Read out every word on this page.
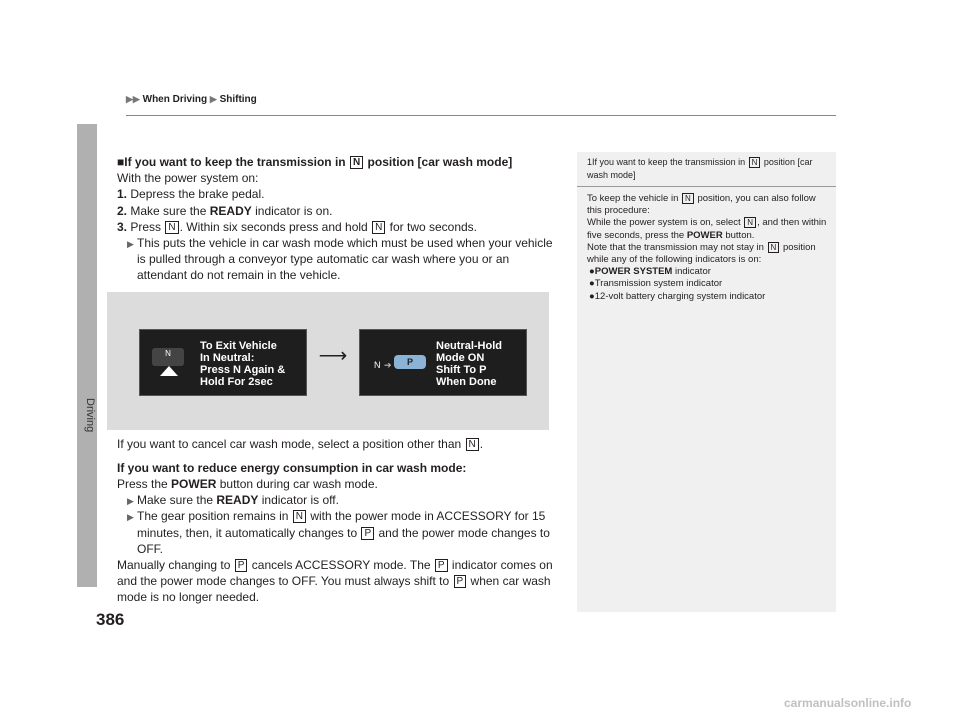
▶▶ When Driving ▶ Shifting
Driving
386

■If you want to keep the transmission in N position [car wash mode]

With the power system on:

1. Depress the brake pedal.

2. Make sure the READY indicator is on.

3. Press N . Within six seconds press and hold N for two seconds.

▶ This puts the vehicle in car wash mode which must be used when your vehicle is pulled through a conveyor type automatic car wash where you or an attendant do not remain in the vehicle.

N
To Exit Vehicle
In Neutral:
Press N Again &
Hold For 2sec
⟶	N ➔	P
Neutral-Hold
Mode ON
Shift To P
When Done

If you want to cancel car wash mode, select a position other than N .

If you want to reduce energy consumption in car wash mode:

Press the POWER button during car wash mode.

▶ Make sure the READY indicator is off.

▶ The gear position remains in N with the power mode in ACCESSORY for 15 minutes, then, it automatically changes to P and the power mode changes to OFF.

Manually changing to P cancels ACCESSORY mode. The P indicator comes on and the power mode changes to OFF. You must always shift to P when car wash mode is no longer needed.

1If you want to keep the transmission in N position [car wash mode]

To keep the vehicle in N position, you can also follow this procedure:

While the power system is on, select N , and then within five seconds, press the POWER button.

Note that the transmission may not stay in N position while any of the following indicators is on:

●POWER SYSTEM indicator

●Transmission system indicator

●12-volt battery charging system indicator

carmanualsonline.info
